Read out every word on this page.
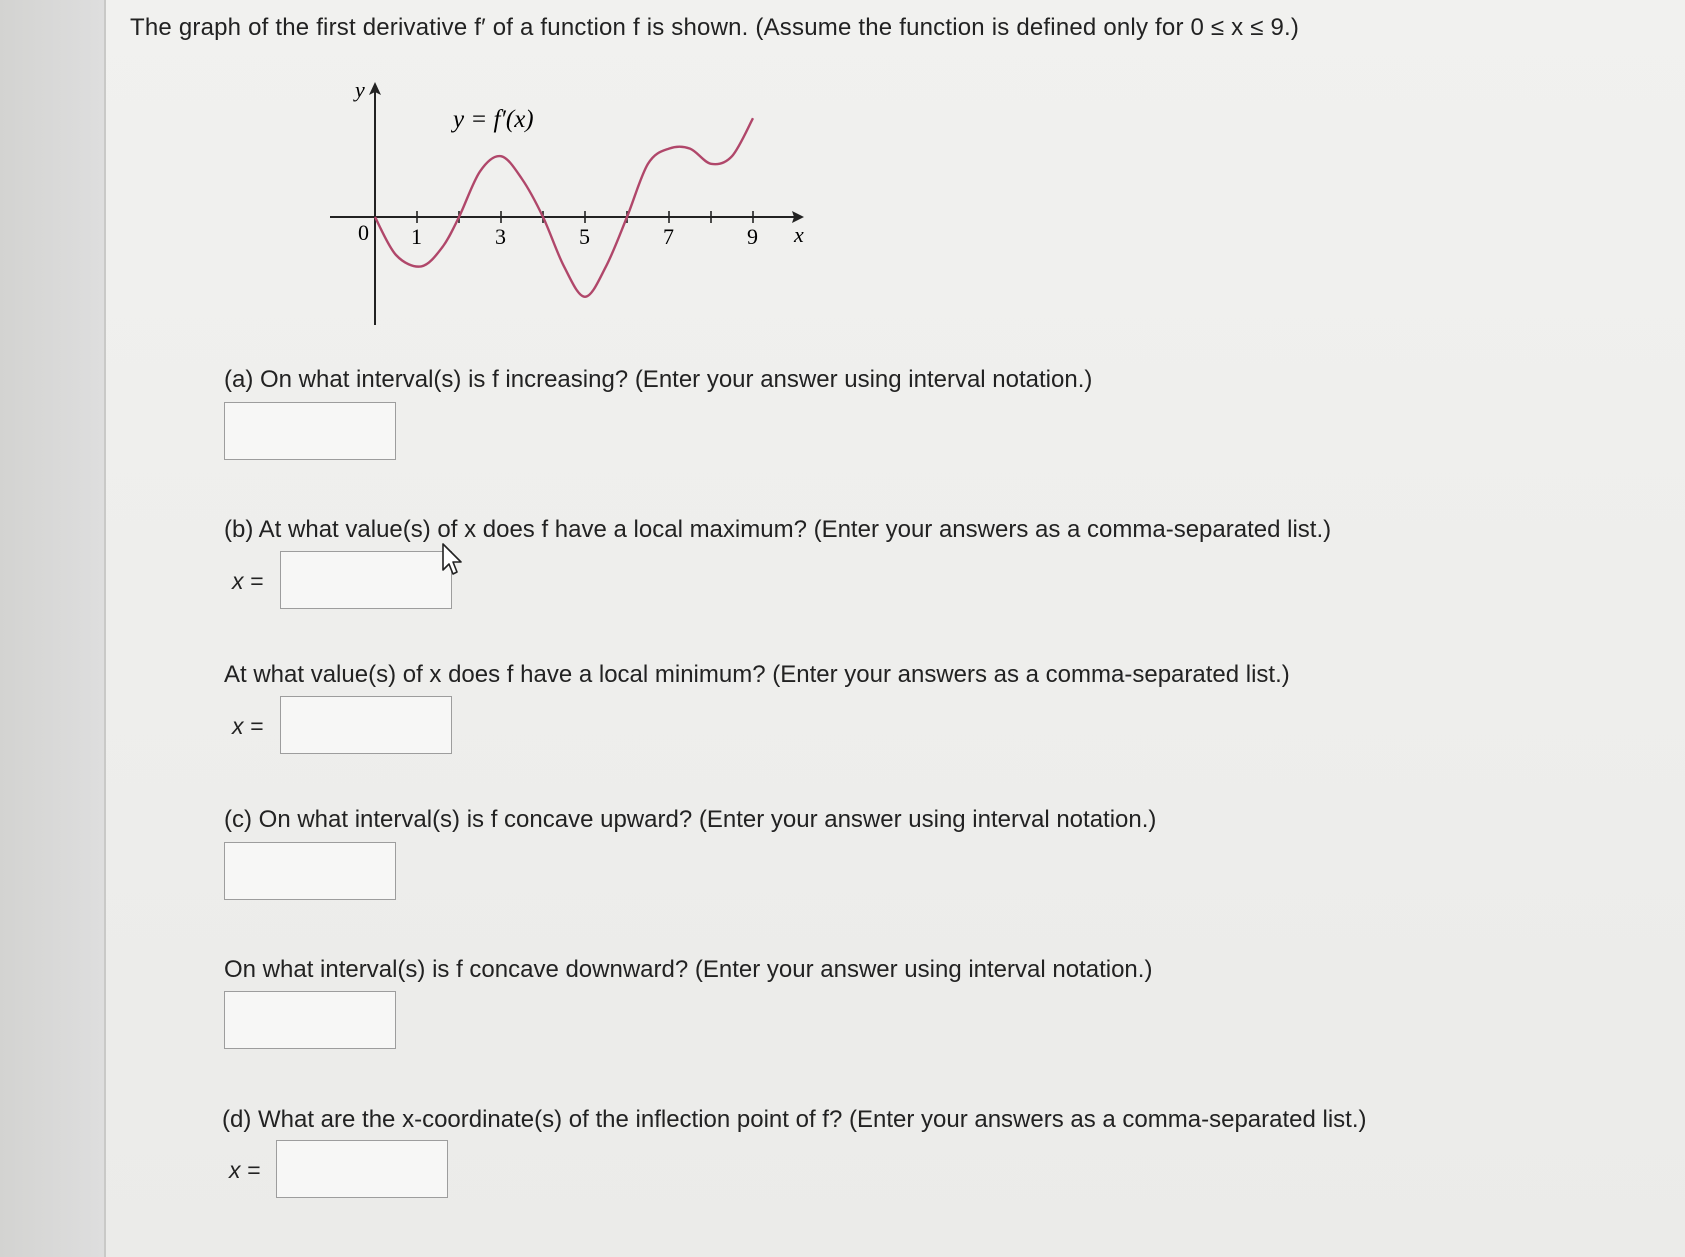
The graph of the first derivative f′ of a function f is shown. (Assume the function is defined only for 0 ≤ x ≤ 9.)
1	3	5	7	9
0
y
x
y = f′(x)
(a) On what interval(s) is f increasing? (Enter your answer using interval notation.)
(b) At what value(s) of x does f have a local maximum? (Enter your answers as a comma-separated list.)
x =
At what value(s) of x does f have a local minimum? (Enter your answers as a comma-separated list.)
x =
(c) On what interval(s) is f concave upward? (Enter your answer using interval notation.)
On what interval(s) is f concave downward? (Enter your answer using interval notation.)
(d) What are the x-coordinate(s) of the inflection point of f? (Enter your answers as a comma-separated list.)
x =
